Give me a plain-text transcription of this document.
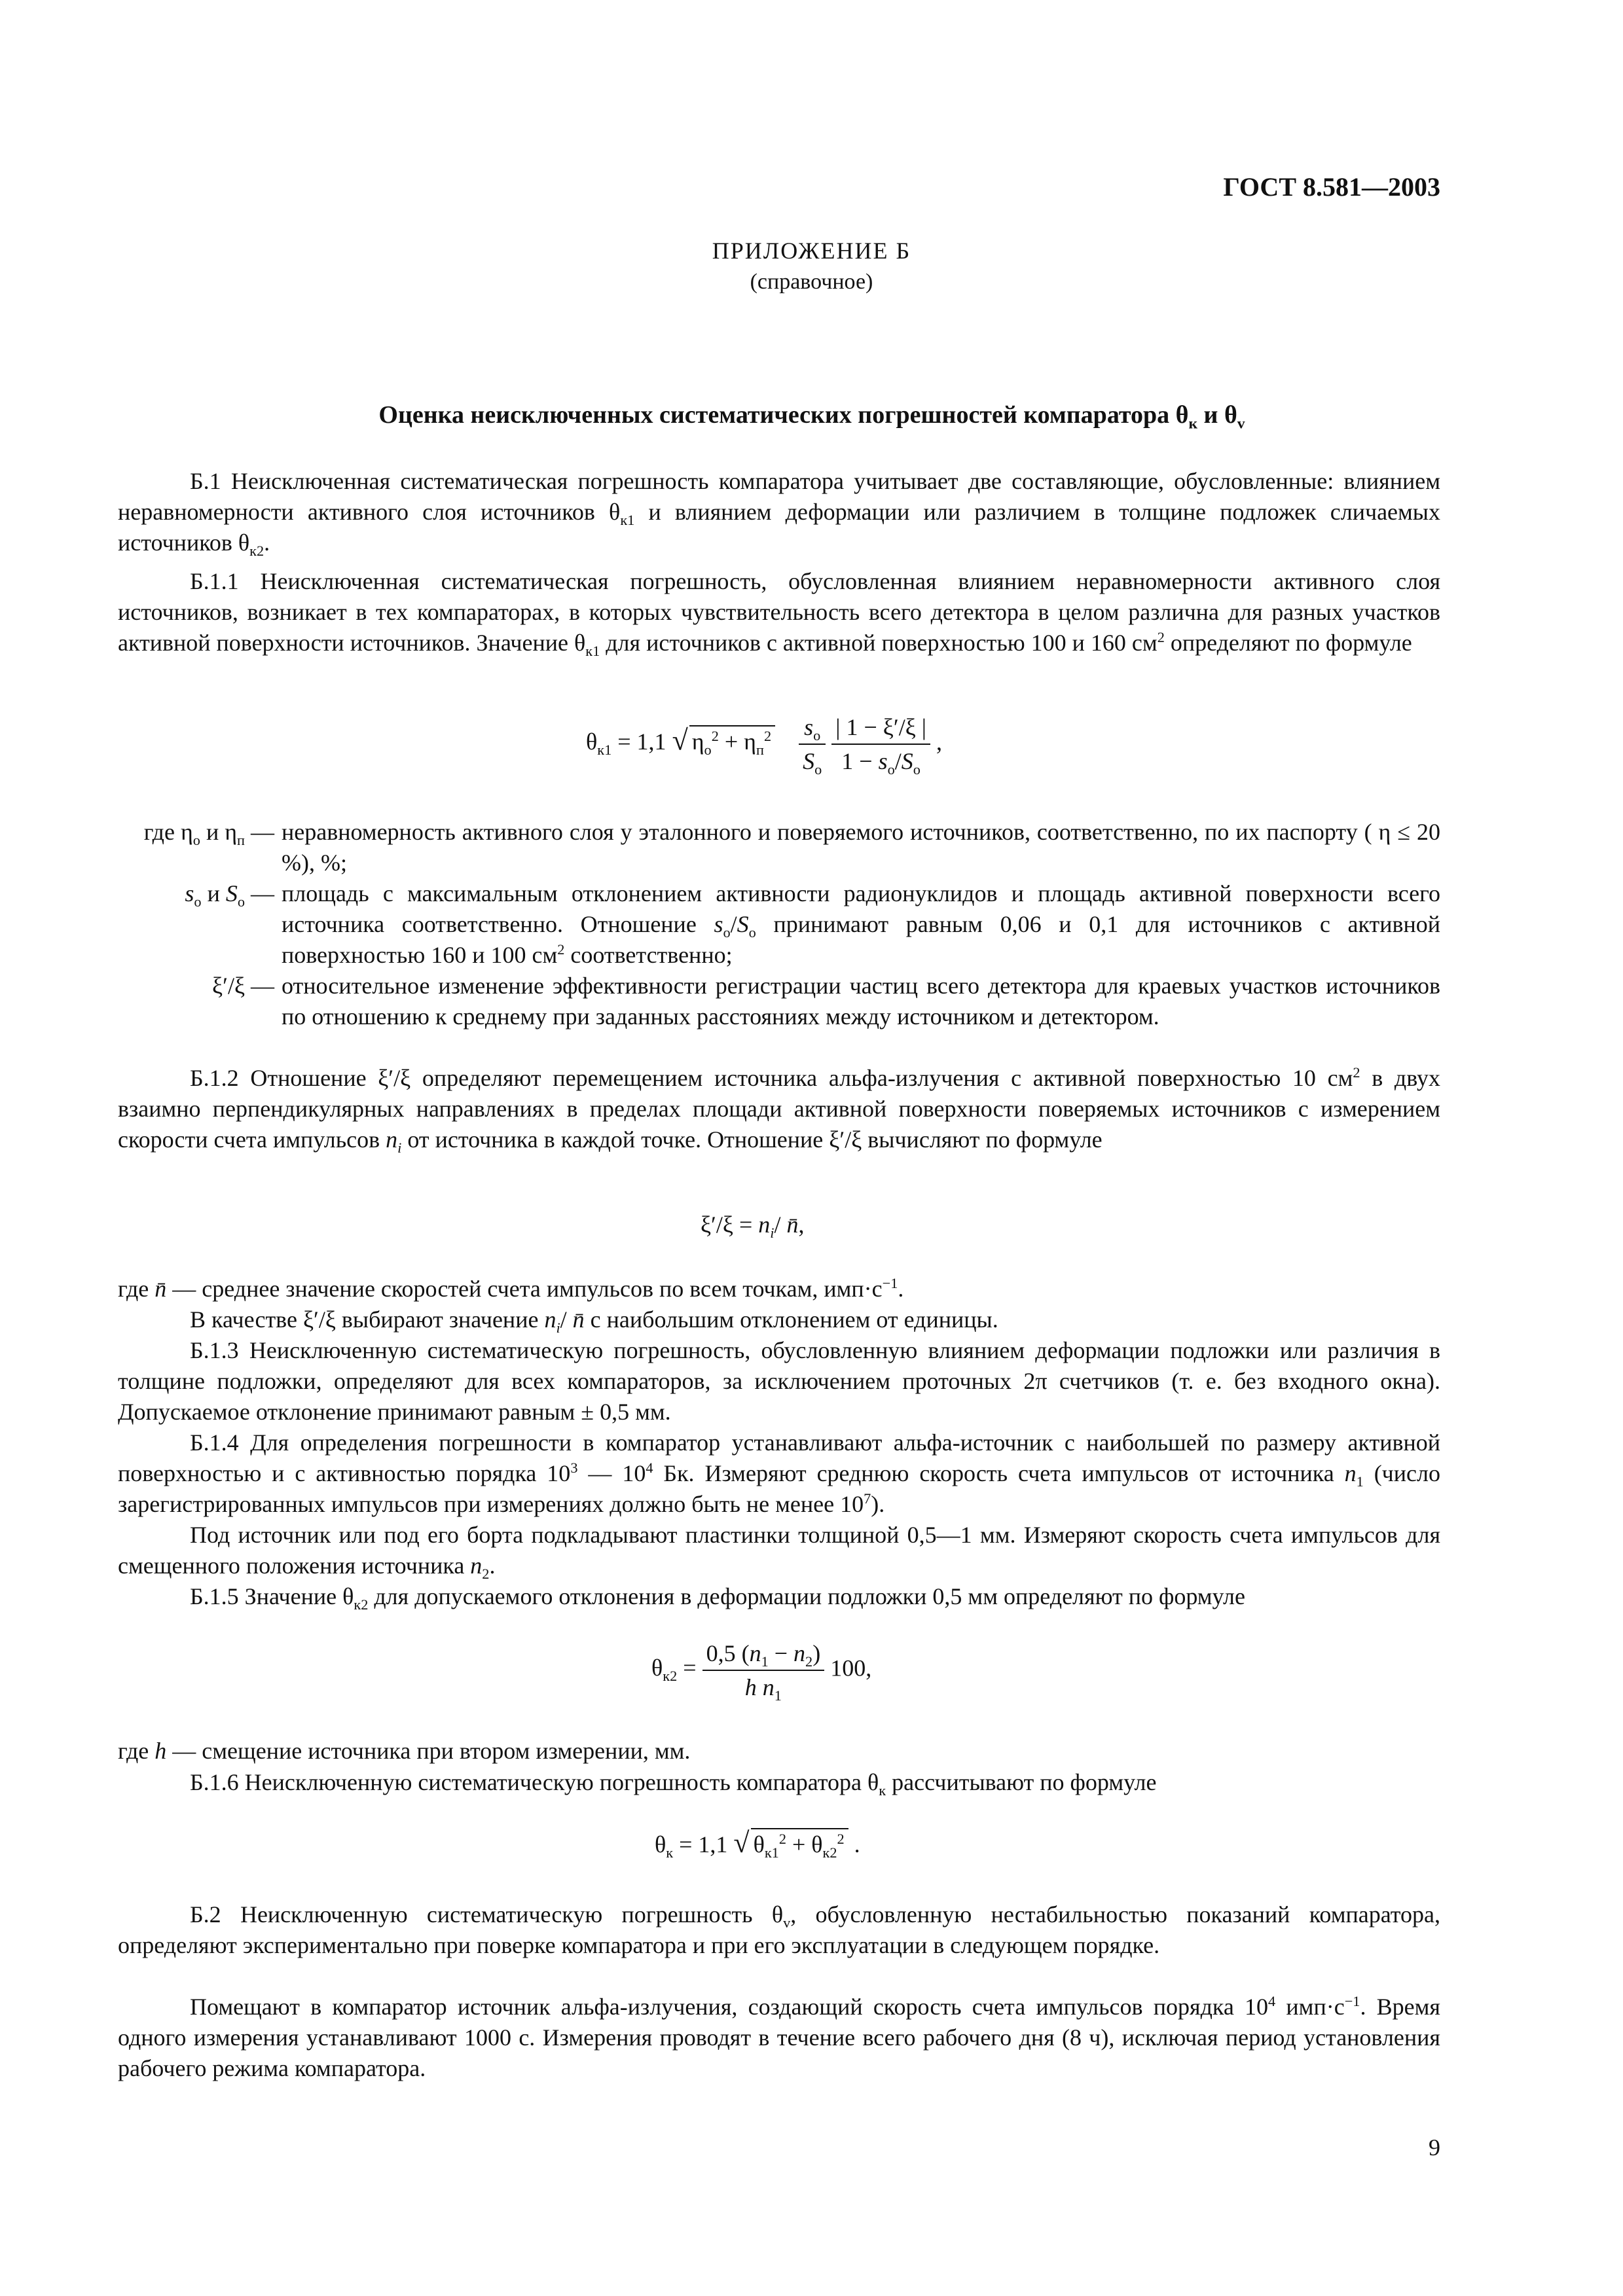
ГОСТ 8.581—2003
ПРИЛОЖЕНИЕ Б
(справочное)
Оценка неисключенных систематических погрешностей компаратора $\theta_к$ и $\theta_v$

Б.1 Неисключенная систематическая погрешность компаратора учитывает две составляющие, обусловленные: влиянием неравномерности активного слоя источников $\theta_{к1}$ и влиянием деформации или различием в толщине подложек сличаемых источников $\theta_{к2}$.

Б.1.1 Неисключенная систематическая погрешность, обусловленная влиянием неравномерности активного слоя источников, возникает в тех компараторах, в которых чувствительность всего детектора в целом различна для разных участков активной поверхности источников. Значение $\theta_{к1}$ для источников с активной поверхностью 100 и 160 $см^2$ определяют по формуле

$\theta_{к1} = 1,1$ √ $\eta_о^2 + \eta_п^2 \frac{s_о}{S_о}$
$\frac{| 1 - \xi'/\xi |}{1 - s_о/S_о}$ ,
где $\eta_о$ и $\eta_п$ — неравномерность активного слоя у эталонного и поверяемого источников, соответственно, по их паспорту ( η ≤ 20 %), %;

$s_о$ и $S_о$ — площадь с максимальным отклонением активности радионуклидов и площадь активной поверхности всего источника соответственно. Отношение $s_о/S_о$ принимают равным 0,06 и 0,1 для источников с активной поверхностью 160 и 100 $см^2$ соответственно;

ξ′/ξ — относительное изменение эффективности регистрации частиц всего детектора для краевых участков источников по отношению к среднему при заданных расстояниях между источником и детектором.

Б.1.2 Отношение ξ′/ξ определяют перемещением источника альфа-излучения с активной поверхностью 10 $см^2$ в двух взаимно перпендикулярных направлениях в пределах площади активной поверхности поверяемых источников с измерением скорости счета импульсов $n_i$ от источника в каждой точке. Отношение ξ′/ξ вычисляют по формуле

$\xi'/\xi = n_i/$ n̄,

где n̄ — среднее значение скоростей счета импульсов по всем точкам, $имп\cdot с^{-1}$.

В качестве ξ′/ξ выбирают значение $n_i/$ n̄ с наибольшим отклонением от единицы.

Б.1.3 Неисключенную систематическую погрешность, обусловленную влиянием деформации подложки или различия в толщине подложки, определяют для всех компараторов, за исключением проточных 2π счетчиков (т. е. без входного окна). Допускаемое отклонение принимают равным ± 0,5 мм.

Б.1.4 Для определения погрешности в компаратор устанавливают альфа-источник с наибольшей по размеру активной поверхностью и с активностью порядка $10^3$ — $10^4$ Бк. Измеряют среднюю скорость счета импульсов от источника $n_1$ (число зарегистрированных импульсов при измерениях должно быть не менее $10^7$).

Под источник или под его борта подкладывают пластинки толщиной 0,5—1 мм. Измеряют скорость счета импульсов для смещенного положения источника $n_2$.

Б.1.5 Значение $\theta_{к2}$ для допускаемого отклонения в деформации подложки 0,5 мм определяют по формуле

$\theta_{к2} = \frac{0,5 (n_1 - n_2)}{h n_1} 100$,

где h — смещение источника при втором измерении, мм.

Б.1.6 Неисключенную систематическую погрешность компаратора $\theta_к$ рассчитывают по формуле

$\theta_к = 1,1$ √ $\theta_{к1}^2 + \theta_{к2}^2$ .

Б.2 Неисключенную систематическую погрешность $\theta_v$, обусловленную нестабильностью показаний компаратора, определяют экспериментально при поверке компаратора и при его эксплуатации в следующем порядке.

Помещают в компаратор источник альфа-излучения, создающий скорость счета импульсов порядка $10^4$ $имп\cdot с^{-1}$. Время одного измерения устанавливают 1000 с. Измерения проводят в течение всего рабочего дня (8 ч), исключая период установления рабочего режима компаратора.

9
